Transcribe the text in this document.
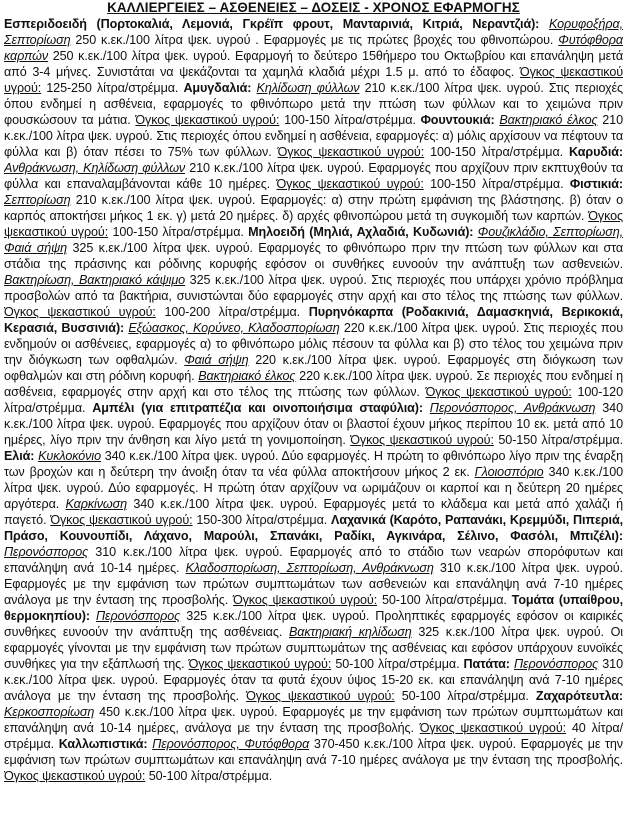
ΚΑΛΛΙΕΡΓΕΙΕΣ – ΑΣΘΕΝΕΙΕΣ – ΔΟΣΕΙΣ - ΧΡΟΝΟΣ ΕΦΑΡΜΟΓΗΣ

Εσπεριδοειδή (Πορτοκαλιά, Λεμονιά, Γκρέϊπ φρουτ, Μανταρινιά, Κιτριά, Νεραντζιά): Κορυφοξήρα, Σεπτορίωση 250 κ.εκ./100 λίτρα ψεκ. υγρού . Εφαρμογές με τις πρώτες βροχές του φθινοπώρου. Φυτόφθορα καρπών 250 κ.εκ./100 λίτρα ψεκ. υγρού. Εφαρμογή το δεύτερο 15θήμερο του Οκτωβρίου και επανάληψη μετά από 3-4 μήνες. Συνιστάται να ψεκάζονται τα χαμηλά κλαδιά μέχρι 1.5 μ. από το έδαφος. Όγκος ψεκαστικού υγρού: 125-250 λίτρα/στρέμμα. Αμυγδαλιά: Κηλίδωση φύλλων 210 κ.εκ./100 λίτρα ψεκ. υγρού. Στις περιοχές όπου ενδημεί η ασθένεια, εφαρμογές το φθινόπωρο μετά την πτώση των φύλλων και το χειμώνα πριν φουσκώσουν τα μάτια. Όγκος ψεκαστικού υγρού: 100-150 λίτρα/στρέμμα. Φουντουκιά: Βακτηριακό έλκος 210 κ.εκ./100 λίτρα ψεκ. υγρού. Στις περιοχές όπου ενδημεί η ασθένεια, εφαρμογές: α) μόλις αρχίσουν να πέφτουν τα φύλλα και β) όταν πέσει το 75% των φύλλων. Όγκος ψεκαστικού υγρού: 100-150 λίτρα/στρέμμα. Καρυδιά: Ανθράκνωση, Κηλίδωση φύλλων 210 κ.εκ./100 λίτρα ψεκ. υγρού. Εφαρμογές που αρχίζουν πριν εκπτυχθούν τα φύλλα και επαναλαμβάνονται κάθε 10 ημέρες. Όγκος ψεκαστικού υγρού: 100-150 λίτρα/στρέμμα. Φιστικιά: Σεπτορίωση 210 κ.εκ./100 λίτρα ψεκ. υγρού. Εφαρμογές: α) στην πρώτη εμφάνιση της βλάστησης. β) όταν ο καρπός αποκτήσει μήκος 1 εκ. γ) μετά 20 ημέρες. δ) αρχές φθινοπώρου μετά τη συγκομιδή των καρπών. Όγκος ψεκαστικού υγρού: 100-150 λίτρα/στρέμμα. Μηλοειδή (Μηλιά, Αχλαδιά, Κυδωνιά): Φουζικλάδιο, Σεπτορίωση, Φαιά σήψη 325 κ.εκ./100 λίτρα ψεκ. υγρού. Εφαρμογές το φθινόπωρο πριν την πτώση των φύλλων και στα στάδια της πράσινης και ρόδινης κορυφής εφόσον οι συνθήκες ευνοούν την ανάπτυξη των ασθενειών. Βακτηρίωση, Βακτηριακό κάψιμο 325 κ.εκ./100 λίτρα ψεκ. υγρού. Στις περιοχές που υπάρχει χρόνιο πρόβλημα προσβολών από τα βακτήρια, συνιστώνται δύο εφαρμογές στην αρχή και στο τέλος της πτώσης των φύλλων. Όγκος ψεκαστικού υγρού: 100-200 λίτρα/στρέμμα. Πυρηνόκαρπα (Ροδακινιά, Δαμασκηνιά, Βερικοκιά, Κερασιά, Βυσσινιά): Εξώασκος, Κορύνεο, Κλαδοσπορίωση 220 κ.εκ./100 λίτρα ψεκ. υγρού. Στις περιοχές που ενδημούν οι ασθένειες, εφαρμογές α) το φθινόπωρο μόλις πέσουν τα φύλλα και β) στο τέλος του χειμώνα πριν την διόγκωση των οφθαλμών. Φαιά σήψη 220 κ.εκ./100 λίτρα ψεκ. υγρού. Εφαρμογές στη διόγκωση των οφθαλμών και στη ρόδινη κορυφή. Βακτηριακό έλκος 220 κ.εκ./100 λίτρα ψεκ. υγρού. Σε περιοχές που ενδημεί η ασθένεια, εφαρμογές στην αρχή και στο τέλος της πτώσης των φύλλων. Όγκος ψεκαστικού υγρού: 100-120 λίτρα/στρέμμα. Αμπέλι (για επιτραπέζια και οινοποιήσιμα σταφύλια): Περονόσπορος, Ανθράκνωση 340 κ.εκ./100 λίτρα ψεκ. υγρού. Εφαρμογές που αρχίζουν όταν οι βλαστοί έχουν μήκος περίπου 10 εκ. μετά από 10 ημέρες, λίγο πριν την άνθηση και λίγο μετά τη γονιμοποίηση. Όγκος ψεκαστικού υγρού: 50-150 λίτρα/στρέμμα. Ελιά: Κυκλοκόνιο 340 κ.εκ./100 λίτρα ψεκ. υγρού. Δύο εφαρμογές. Η πρώτη το φθινόπωρο λίγο πριν της έναρξη των βροχών και η δεύτερη την άνοιξη όταν τα νέα φύλλα αποκτήσουν μήκος 2 εκ. Γλοιοσπόριο 340 κ.εκ./100 λίτρα ψεκ. υγρού. Δύο εφαρμογές. Η πρώτη όταν αρχίζουν να ωριμάζουν οι καρποί και η δεύτερη 20 ημέρες αργότερα. Καρκίνωση 340 κ.εκ./100 λίτρα ψεκ. υγρού. Εφαρμογές μετά το κλάδεμα και μετά από χαλάζι ή παγετό. Όγκος ψεκαστικού υγρού: 150-300 λίτρα/στρέμμα. Λαχανικά (Καρότο, Ραπανάκι, Κρεμμύδι, Πιπεριά, Πράσο, Κουνουπίδι, Λάχανο, Μαρούλι, Σπανάκι, Ραδίκι, Αγκινάρα, Σέλινο, Φασόλι, Μπιζέλι): Περονόσπορος 310 κ.εκ./100 λίτρα ψεκ. υγρού. Εφαρμογές από το στάδιο των νεαρών σπορόφυτων και επανάληψη ανά 10-14 ημέρες. Κλαδοσπορίωση, Σεπτορίωση, Ανθράκνωση 310 κ.εκ./100 λίτρα ψεκ. υγρού. Εφαρμογές με την εμφάνιση των πρώτων συμπτωμάτων των ασθενειών και επανάληψη ανά 7-10 ημέρες ανάλογα με την ένταση της προσβολής. Όγκος ψεκαστικού υγρού: 50-100 λίτρα/στρέμμα. Τομάτα (υπαίθρου, θερμοκηπίου): Περονόσπορος 325 κ.εκ./100 λίτρα ψεκ. υγρού. Προληπτικές εφαρμογές εφόσον οι καιρικές συνθήκες ευνοούν την ανάπτυξη της ασθένειας. Βακτηριακή κηλίδωση 325 κ.εκ./100 λίτρα ψεκ. υγρού. Οι εφαρμογές γίνονται με την εμφάνιση των πρώτων συμπτωμάτων της ασθένειας και εφόσον υπάρχουν ευνοϊκές συνθήκες για την εξάπλωσή της. Όγκος ψεκαστικού υγρού: 50-100 λίτρα/στρέμμα. Πατάτα: Περονόσπορος 310 κ.εκ./100 λίτρα ψεκ. υγρού. Εφαρμογές όταν τα φυτά έχουν ύψος 15-20 εκ. και επανάληψη ανά 7-10 ημέρες ανάλογα με την ένταση της προσβολής. Όγκος ψεκαστικού υγρού: 50-100 λίτρα/στρέμμα. Ζαχαρότευτλα: Κερκοσπορίωση 450 κ.εκ./100 λίτρα ψεκ. υγρού. Εφαρμογές με την εμφάνιση των πρώτων συμπτωμάτων και επανάληψη ανά 10-14 ημέρες, ανάλογα με την ένταση της προσβολής. Όγκος ψεκαστικού υγρού: 40 λίτρα/στρέμμα. Καλλωπιστικά: Περονόσπορος, Φυτόφθορα 370-450 κ.εκ./100 λίτρα ψεκ. υγρού. Εφαρμογές με την εμφάνιση των πρώτων συμπτωμάτων και επανάληψη ανά 7-10 ημέρες ανάλογα με την ένταση της προσβολής. Όγκος ψεκαστικού υγρού: 50-100 λίτρα/στρέμμα.
